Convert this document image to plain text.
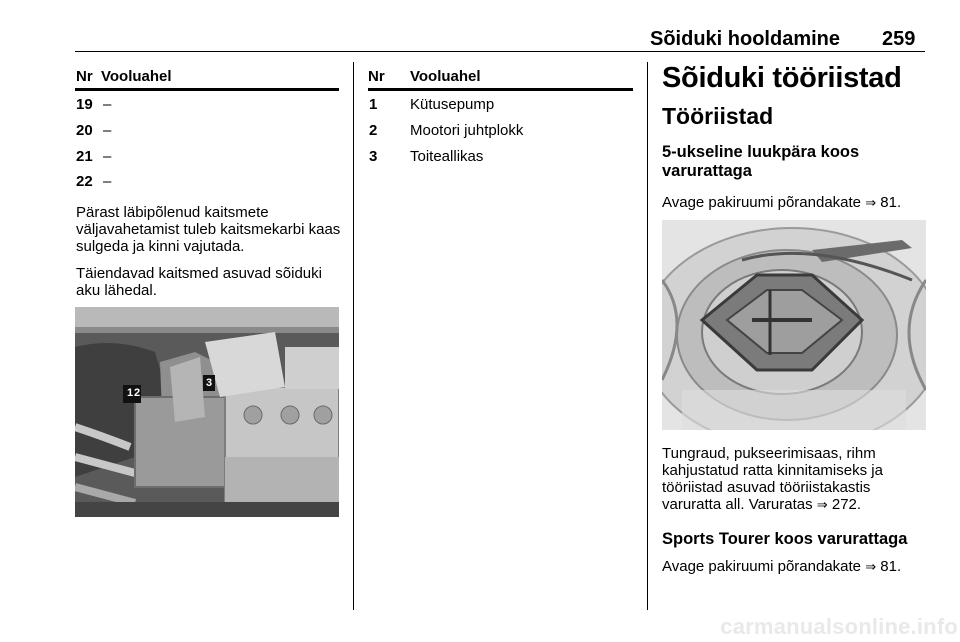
Sõiduki hooldamine 259
Nr Vooluahel
19 –
20 –
21 –
22 –
Pärast läbipõlenud kaitsmete väljavahetamist tuleb kaitsmekarbi kaas sulgeda ja kinni vajutada.
Täiendavad kaitsmed asuvad sõiduki aku lähedal.
1 2
3
Nr Vooluahel
1 Kütusepump
2 Mootori juhtplokk
3 Toiteallikas
Sõiduki tööriistad
Tööriistad
5-ukseline luukpära koos varurattaga
Avage pakiruumi põrandakate ⇒ 81.
Tungraud, pukseerimisaas, rihm kahjustatud ratta kinnitamiseks ja tööriistad asuvad tööriistakastis varuratta all. Varuratas ⇒ 272.
Sports Tourer koos varurattaga
Avage pakiruumi põrandakate ⇒ 81.
carmanualsonline.info
